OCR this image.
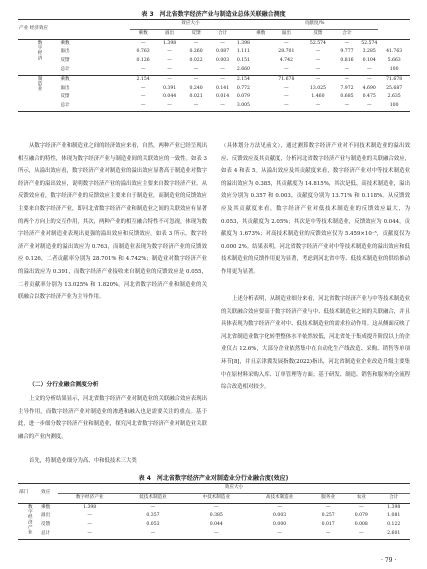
表 3　河北省数字经济产业与制造业总体关联融合测度
产业 经济效应		效应大小					贡献度/%					
		乘数	溢出	反馈	合计		乘数	溢出	反馈	合计		
数字经济	乘数	—	1.398	—	—	1.398		—	52.574	—	52.574	
	溢出	0.763	—	0.260	0.087	1.111		28.701	—	9.777	3.285	41.763
	反馈	0.126	—	0.022	0.003	0.151		4.742	—	0.816	0.104	5.663
	总计	—	—	—	—	2.660		—	—	—	—	100
制造业	乘数	2.154	—	—	—	2.154		71.678	—	—	—	71.678
	溢出	—	0.391	0.240	0.141	0.772		—	13.025	7.972	4.690	25.687
	反馈	—	0.044	0.021	0.014	0.079		—	1.460	0.685	0.475	2.635
	总计	—	—	—	—	3.005		—	—	—	—	100
从数字经济产业和制造业之间的经济效应来看，自然，两种产业已经呈现出相互融合的特性，体现为数字经济产业与制造业间的关联效应的一致性。如表 3 所示，从溢出效应看，数字经济产业对制造业的溢出效应显著高于制造业对数字经济产业的溢出效应，说明数字经济产业的溢出效应主要来自数字经济产业。从反馈效应看，数字经济产业的反馈效应主要来自于制造业，而制造业的反馈效应主要来自数字经济产业，即河北省数字经济产业和制造业之间的关联效应有显著的两个方向上的交互作用，其次，两种产业的相互融合特性不可忽视，体现为数字经济产业对制造业表现出更强的溢出效应和反馈效应。如表 3 所示，数字经济产业对制造业的溢出效应为 0.763，而制造业表现为数字经济产业的反馈效应 0.126，二者贡献率分别为 28.701% 和 4.742%；制造业对数字经济产业的溢出效应为 0.391，而数字经济产业接收来自制造业的反馈效应是 0.055，二者贡献率分别为 13.025% 和 1.820%。河北省数字经济产业和制造业的关联融合以数字经济产业为主导作用。
（二）分行业融合测度分析
上文的分析结果显示，河北省数字经济产业对制造业的关联融合效应表现出主导作用，而数字经济产业对制造业的渗透和融入也是需要关注的重点。基于此，进一步细分数字经济产业和制造业，探究河北省数字经济产业对制造业关联融合的产业内测度。
首先，将制造业细分为高、中和低技术三大类
（具体划分方法见前文），通过测算数字经济产业对不同技术制造业的溢出效应、反馈效应及其贡献度，分析河北省数字经济产业与制造业的关联融合效应，如表 4 和表 5。从溢出效应及其贡献度来看，数字经济产业对中等技术制造业的溢出效应为 0.385，其贡献度为 14.815%，其次是低、高技术制造业，溢出效应分别为 0.357 和 0.003，贡献度分别为 13.71% 和 0.118%。从反馈效应及其贡献度来看，数字经济产业对低技术制造业的反馈效应最大，为 0.053，其贡献度为 2.05%；其次是中等技术制造业，反馈效应为 0.044，贡献度为 1.673%；对高技术制造业的反馈效应仅为 5.459×10⁻⁵，贡献度仅为 0.000 2%。结果表明，河北省数字经济产业对中等技术制造业的溢出效应和低技术制造业的反馈作用更为显著，考虑到河北省中等、低技术制造业的供给推动作用更为显著。
上述分析表明，从制造业细分来看，河北省数字经济产业与中等技术制造业的关联融合效应要高于数字经济产业与中、低技术制造业之间的关联融合，并且具体表现为数字经济产业对中、低技术制造业的需求拉动作用。这从侧面反映了河北省制造业数字化转型整体水平依然较低，河北省处于集成提升阶段以上的企业仅占 12.6%，大部分企业依然集中在自动化生产线改造、采购、销售等单项环节[8]，并且京津冀发展指数(2022)指出，河北省制造业企业改造升级主要集中在原材料采购入库、订单管理等方面；基于研发、制造、销售和服务的全流程综合改造相对较少。
表 4　河北省数字经济产业对制造业分行业融合度(效应)
部门	效应	效应大小						
		数字经济产业	低技术制造业	中技术制造业	高技术制造业	服务业	农业	合计
数字经济产业	乘数	1.398	—	—	—	—	—	1.398
	溢出	—	0.357	0.385	0.003	0.257	0.079	1.081
	反馈	—	0.053	0.044	0.000	0.017	0.008	0.122
	总计	—	—	—	—	—	—	2.601
· 79 ·
